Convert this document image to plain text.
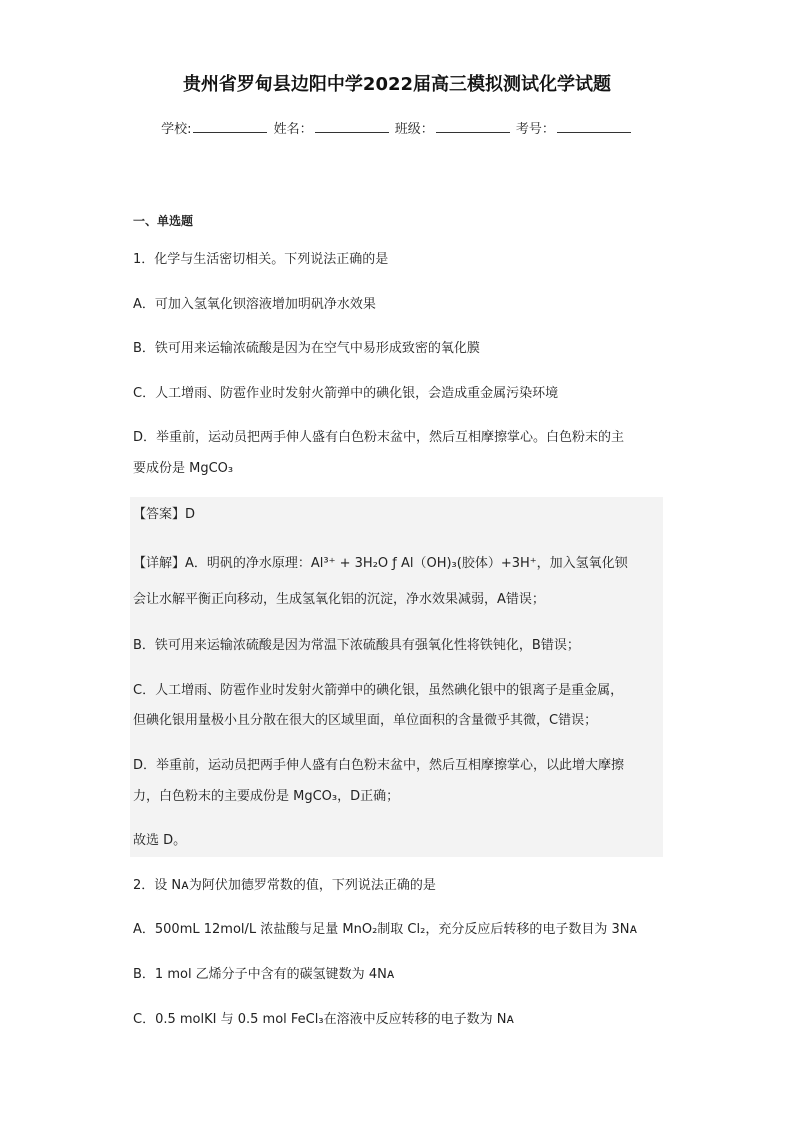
贵州省罗甸县边阳中学2022届高三模拟测试化学试题
学校:	姓名：	班级：	考号：
一、单选题
1．化学与生活密切相关。下列说法正确的是
A．可加入氢氧化钡溶液增加明矾净水效果
B．铁可用来运输浓硫酸是因为在空气中易形成致密的氧化膜
C．人工增雨、防雹作业时发射火箭弹中的碘化银，会造成重金属污染环境
D．举重前，运动员把两手伸人盛有白色粉末盆中，然后互相摩擦掌心。白色粉末的主
要成份是 MgCO₃
【答案】D
【详解】A．明矾的净水原理：Al³⁺ + 3H₂O ƒ Al（OH)₃(胶体）+3H⁺，加入氢氧化钡
会让水解平衡正向移动，生成氢氧化铝的沉淀，净水效果减弱，A错误；
B．铁可用来运输浓硫酸是因为常温下浓硫酸具有强氧化性将铁钝化，B错误；
C．人工增雨、防雹作业时发射火箭弹中的碘化银，虽然碘化银中的银离子是重金属，
但碘化银用量极小且分散在很大的区域里面，单位面积的含量微乎其微，C错误；
D．举重前，运动员把两手伸人盛有白色粉末盆中，然后互相摩擦掌心，以此增大摩擦
力，白色粉末的主要成份是 MgCO₃，D正确；
故选 D。
2．设 Nᴀ为阿伏加德罗常数的值，下列说法正确的是
A．500mL 12mol/L 浓盐酸与足量 MnO₂制取 Cl₂，充分反应后转移的电子数目为 3Nᴀ
B．1 mol 乙烯分子中含有的碳氢键数为 4Nᴀ
C．0.5 molKI 与 0.5 mol FeCl₃在溶液中反应转移的电子数为 Nᴀ
